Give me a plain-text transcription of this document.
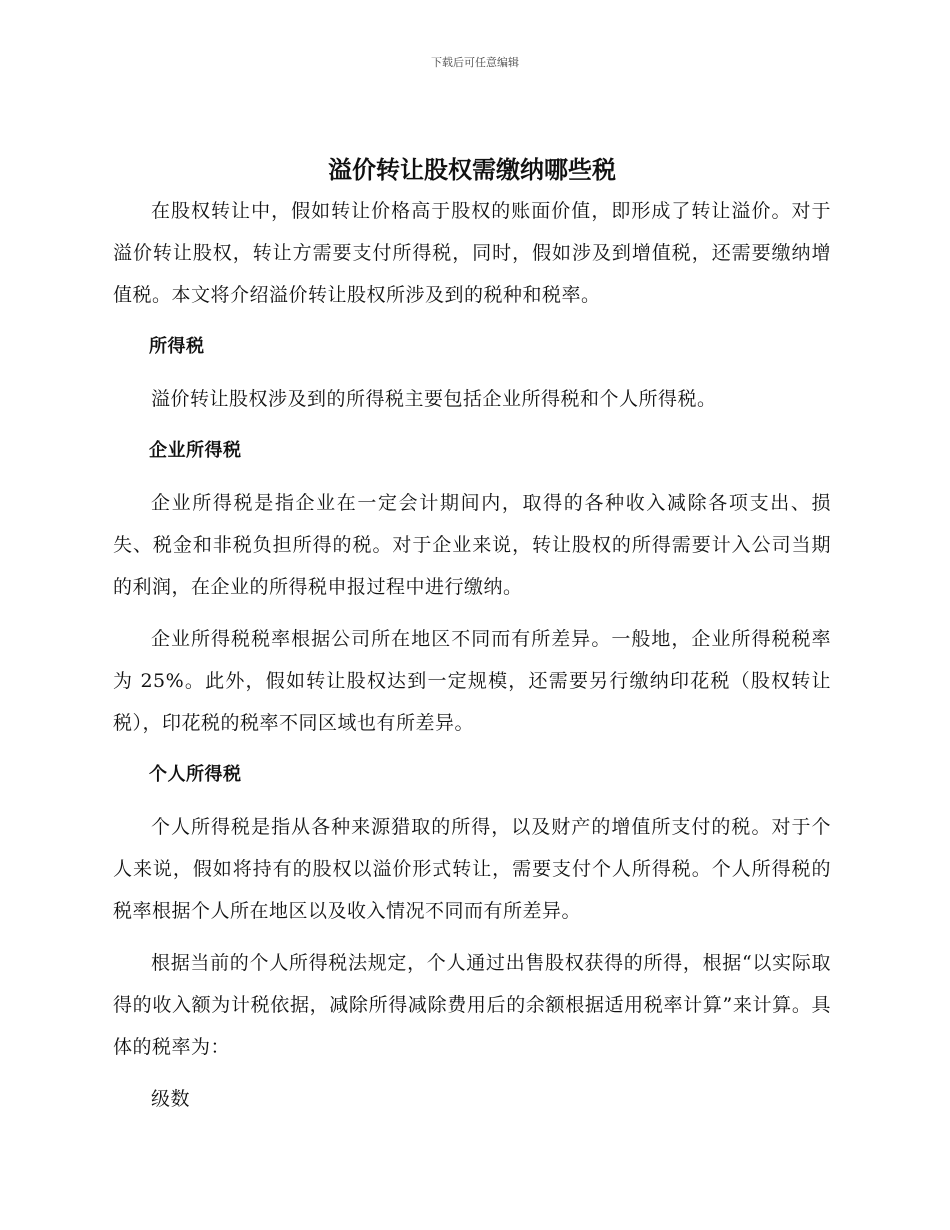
下载后可任意编辑
溢价转让股权需缴纳哪些税

在股权转让中，假如转让价格高于股权的账面价值，即形成了转让溢价。对于溢价转让股权，转让方需要支付所得税，同时，假如涉及到增值税，还需要缴纳增值税。本文将介绍溢价转让股权所涉及到的税种和税率。

所得税

溢价转让股权涉及到的所得税主要包括企业所得税和个人所得税。

企业所得税

企业所得税是指企业在一定会计期间内，取得的各种收入减除各项支出、损失、税金和非税负担所得的税。对于企业来说，转让股权的所得需要计入公司当期的利润，在企业的所得税申报过程中进行缴纳。

企业所得税税率根据公司所在地区不同而有所差异。一般地，企业所得税税率为 25%。此外，假如转让股权达到一定规模，还需要另行缴纳印花税（股权转让税），印花税的税率不同区域也有所差异。

个人所得税

个人所得税是指从各种来源猎取的所得，以及财产的增值所支付的税。对于个人来说，假如将持有的股权以溢价形式转让，需要支付个人所得税。个人所得税的税率根据个人所在地区以及收入情况不同而有所差异。

根据当前的个人所得税法规定，个人通过出售股权获得的所得，根据“以实际取得的收入额为计税依据，减除所得减除费用后的余额根据适用税率计算”来计算。具体的税率为：

级数
